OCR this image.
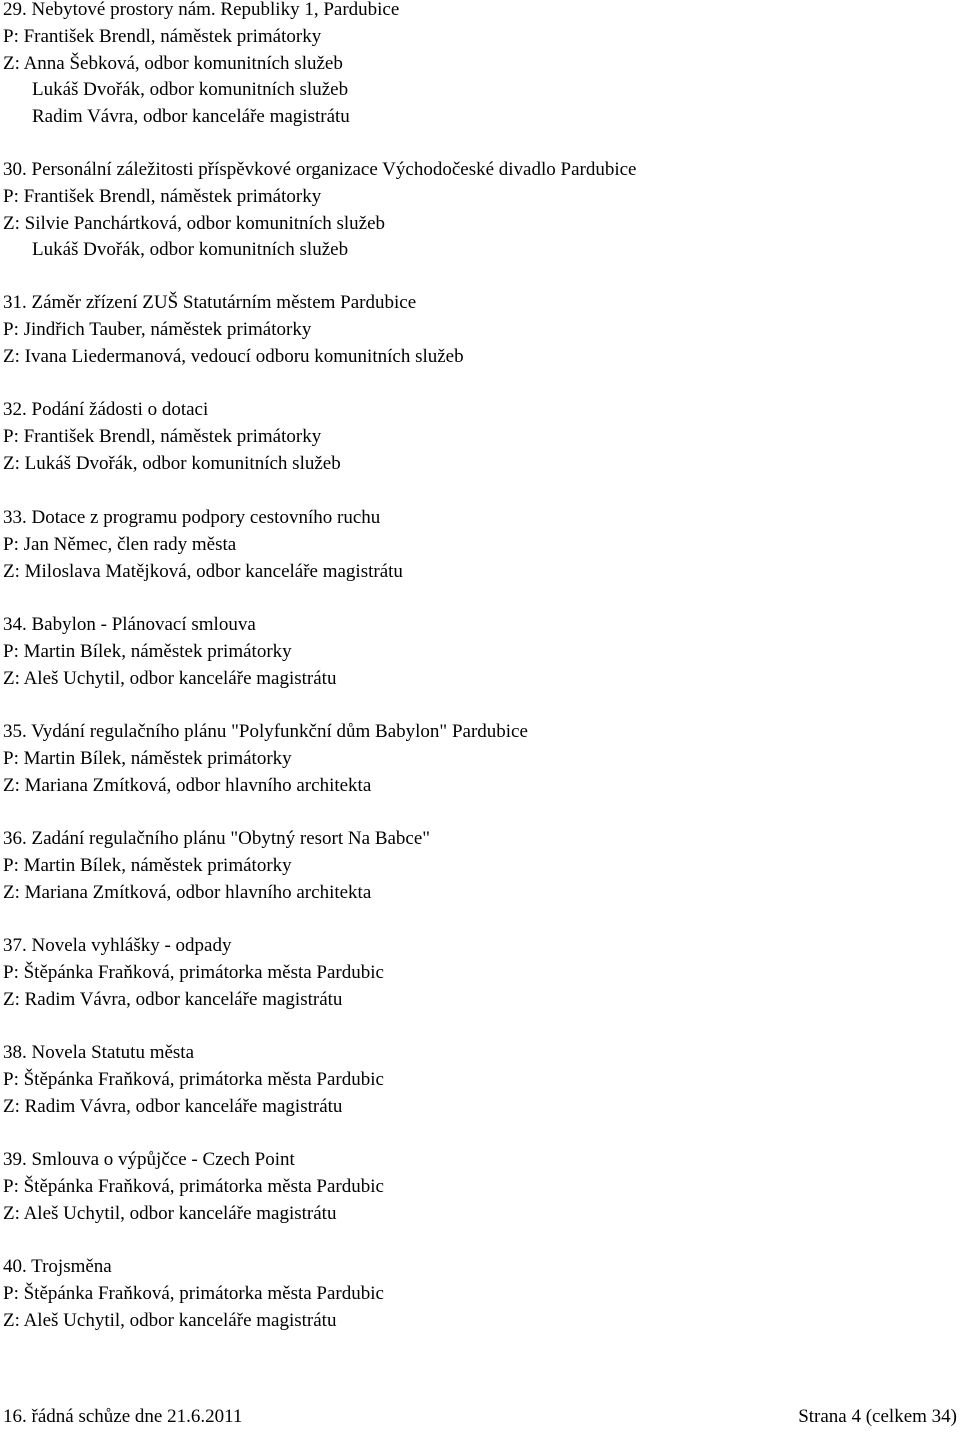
29. Nebytové prostory nám. Republiky 1, Pardubice
P: František Brendl, náměstek primátorky
Z: Anna Šebková, odbor komunitních služeb
Lukáš Dvořák, odbor komunitních služeb
Radim Vávra, odbor kanceláře magistrátu
30. Personální záležitosti příspěvkové organizace Východočeské divadlo Pardubice
P: František Brendl, náměstek primátorky
Z: Silvie Panchártková, odbor komunitních služeb
Lukáš Dvořák, odbor komunitních služeb
31. Záměr zřízení ZUŠ Statutárním městem Pardubice
P: Jindřich Tauber, náměstek primátorky
Z: Ivana Liedermanová, vedoucí odboru komunitních služeb
32. Podání žádosti o dotaci
P: František Brendl, náměstek primátorky
Z: Lukáš Dvořák, odbor komunitních služeb
33. Dotace z programu podpory cestovního ruchu
P: Jan Němec, člen rady města
Z: Miloslava Matějková, odbor kanceláře magistrátu
34. Babylon - Plánovací smlouva
P: Martin Bílek, náměstek primátorky
Z: Aleš Uchytil, odbor kanceláře magistrátu
35. Vydání regulačního plánu "Polyfunkční dům Babylon" Pardubice
P: Martin Bílek, náměstek primátorky
Z: Mariana Zmítková, odbor hlavního architekta
36. Zadání regulačního plánu "Obytný resort Na Babce"
P: Martin Bílek, náměstek primátorky
Z: Mariana Zmítková, odbor hlavního architekta
37. Novela vyhlášky - odpady
P: Štěpánka Fraňková, primátorka města Pardubic
Z: Radim Vávra, odbor kanceláře magistrátu
38. Novela Statutu města
P: Štěpánka Fraňková, primátorka města Pardubic
Z: Radim Vávra, odbor kanceláře magistrátu
39. Smlouva o výpůjčce - Czech Point
P: Štěpánka Fraňková, primátorka města Pardubic
Z: Aleš Uchytil, odbor kanceláře magistrátu
40. Trojsměna
P: Štěpánka Fraňková, primátorka města Pardubic
Z: Aleš Uchytil, odbor kanceláře magistrátu
16. řádná schůze dne 21.6.2011	Strana 4 (celkem 34)
